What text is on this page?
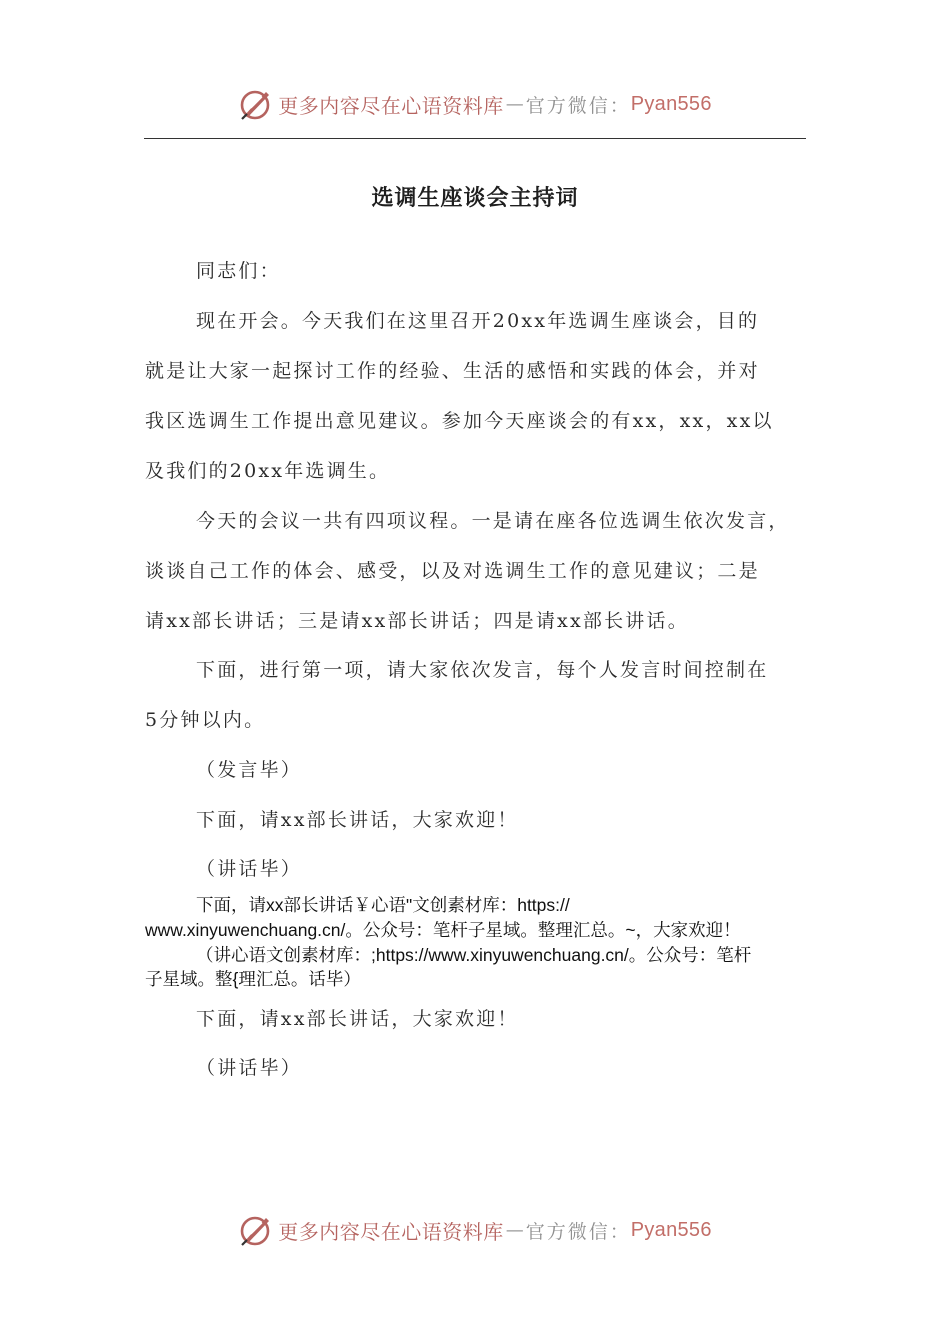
更多内容尽在心语资料库 — 官方微信： Pyan556
选调生座谈会主持词
同志们：
现在开会。今天我们在这里召开20xx年选调生座谈会，目的
就是让大家一起探讨工作的经验、生活的感悟和实践的体会，并对
我区选调生工作提出意见建议。参加今天座谈会的有xx，xx，xx以
及我们的20xx年选调生。
今天的会议一共有四项议程。一是请在座各位选调生依次发言，
谈谈自己工作的体会、感受，以及对选调生工作的意见建议；二是
请xx部长讲话；三是请xx部长讲话；四是请xx部长讲话。
下面，进行第一项，请大家依次发言，每个人发言时间控制在
5分钟以内。
（发言毕）
下面，请xx部长讲话，大家欢迎！
（讲话毕）
下面，请xx部长讲话￥心语"文创素材库：https://
www.xinyuwenchuang.cn/。公众号：笔杆子星域。整理汇总。~，大家欢迎！
（讲心语文创素材库：;https://www.xinyuwenchuang.cn/。公众号：笔杆
子星域。整{理汇总。话毕）
下面，请xx部长讲话，大家欢迎！
（讲话毕）
更多内容尽在心语资料库 — 官方微信： Pyan556
